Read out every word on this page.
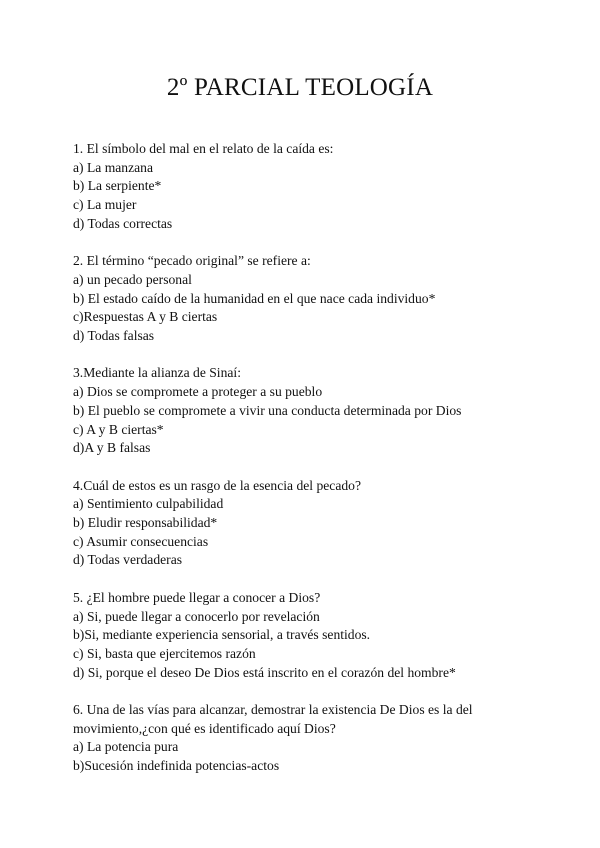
2º PARCIAL TEOLOGÍA
1. El símbolo del mal en el relato de la caída es:
a) La manzana
b) La serpiente*
c) La mujer
d) Todas correctas
2. El término “pecado original” se refiere a:
a) un pecado personal
b) El estado caído de la humanidad en el que nace cada individuo*
c)Respuestas A y B ciertas
d) Todas falsas
3.Mediante la alianza de Sinaí:
a) Dios se compromete a proteger a su pueblo
b) El pueblo se compromete a vivir una conducta determinada por Dios
c) A y B ciertas*
d)A y B falsas
4.Cuál de estos es un rasgo de la esencia del pecado?
a) Sentimiento culpabilidad
b) Eludir responsabilidad*
c) Asumir consecuencias
d) Todas verdaderas
5. ¿El hombre puede llegar a conocer a Dios?
a) Si, puede llegar a conocerlo por revelación
b)Si, mediante experiencia sensorial, a través sentidos.
c) Si, basta que ejercitemos razón
d) Si, porque el deseo De Dios está inscrito en el corazón del hombre*
6. Una de las vías para alcanzar, demostrar la existencia De Dios es la del movimiento,¿con qué es identificado aquí Dios?
a) La potencia pura
b)Sucesión indefinida potencias-actos
